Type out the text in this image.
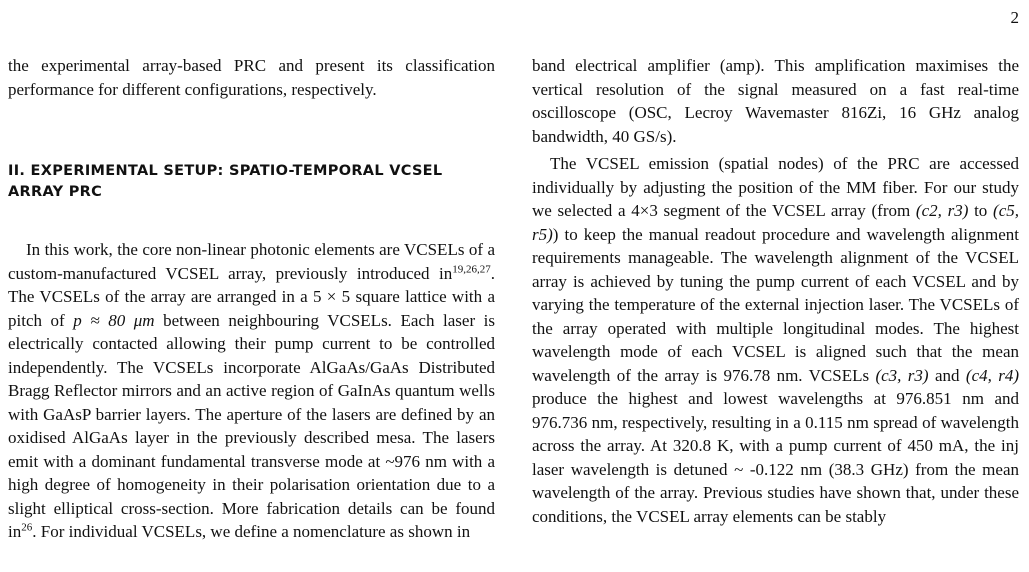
2

the experimental array-based PRC and present its classification performance for different configurations, respectively.

II. EXPERIMENTAL SETUP: SPATIO-TEMPORAL VCSEL ARRAY PRC

In this work, the core non-linear photonic elements are VCSELs of a custom-manufactured VCSEL array, previously introduced in$^{19,26,27}$. The VCSELs of the array are arranged in a 5 × 5 square lattice with a pitch of p ≈ 80 μm between neighbouring VCSELs. Each laser is electrically contacted allowing their pump current to be controlled independently. The VCSELs incorporate AlGaAs/GaAs Distributed Bragg Reflector mirrors and an active region of GaInAs quantum wells with GaAsP barrier layers. The aperture of the lasers are defined by an oxidised AlGaAs layer in the previously described mesa. The lasers emit with a dominant fundamental transverse mode at ~976 nm with a high degree of homogeneity in their polarisation orientation due to a slight elliptical cross-section. More fabrication details can be found $in^{26}$. For individual VCSELs, we define a nomenclature as shown in

band electrical amplifier (amp). This amplification maximises the vertical resolution of the signal measured on a fast real-time oscilloscope (OSC, Lecroy Wavemaster 816Zi, 16 GHz analog bandwidth, 40 GS/s).

The VCSEL emission (spatial nodes) of the PRC are accessed individually by adjusting the position of the MM fiber. For our study we selected a 4×3 segment of the VCSEL array (from (c2, r3) to (c5, r5)) to keep the manual readout procedure and wavelength alignment requirements manageable. The wavelength alignment of the VCSEL array is achieved by tuning the pump current of each VCSEL and by varying the temperature of the external injection laser. The VCSELs of the array operated with multiple longitudinal modes. The highest wavelength mode of each VCSEL is aligned such that the mean wavelength of the array is 976.78 nm. VCSELs (c3, r3) and (c4, r4) produce the highest and lowest wavelengths at 976.851 nm and 976.736 nm, respectively, resulting in a 0.115 nm spread of wavelength across the array. At 320.8 K, with a pump current of 450 mA, the inj laser wavelength is detuned ~ -0.122 nm (38.3 GHz) from the mean wavelength of the array. Previous studies have shown that, under these conditions, the VCSEL array elements can be stably
